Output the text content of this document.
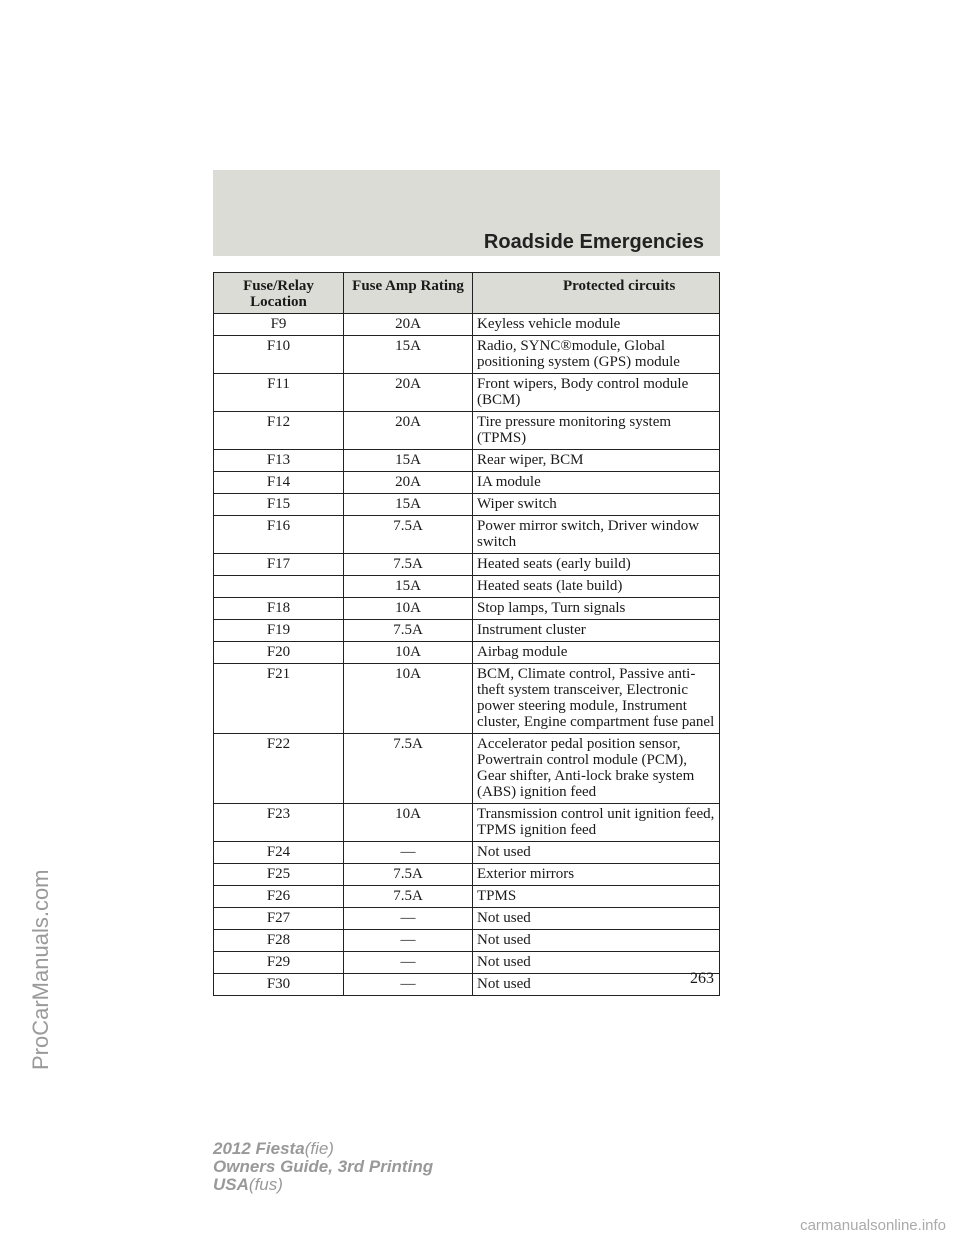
Roadside Emergencies
Fuse/Relay Location	Fuse Amp Rating	Protected circuits
F9	20A	Keyless vehicle module
F10	15A	Radio, SYNC®module, Global positioning system (GPS) module
F11	20A	Front wipers, Body control module (BCM)
F12	20A	Tire pressure monitoring system (TPMS)
F13	15A	Rear wiper, BCM
F14	20A	IA module
F15	15A	Wiper switch
F16	7.5A	Power mirror switch, Driver window switch
F17	7.5A	Heated seats (early build)
	15A	Heated seats (late build)
F18	10A	Stop lamps, Turn signals
F19	7.5A	Instrument cluster
F20	10A	Airbag module
F21	10A	BCM, Climate control, Passive anti-theft system transceiver, Electronic power steering module, Instrument cluster, Engine compartment fuse panel
F22	7.5A	Accelerator pedal position sensor, Powertrain control module (PCM), Gear shifter, Anti-lock brake system (ABS) ignition feed
F23	10A	Transmission control unit ignition feed, TPMS ignition feed
F24	—	Not used
F25	7.5A	Exterior mirrors
F26	7.5A	TPMS
F27	—	Not used
F28	—	Not used
F29	—	Not used
F30	—	Not used	263
2012 Fiesta(fie)
Owners Guide, 3rd Printing
USA(fus)
ProCarManuals.com
carmanualsonline.info
